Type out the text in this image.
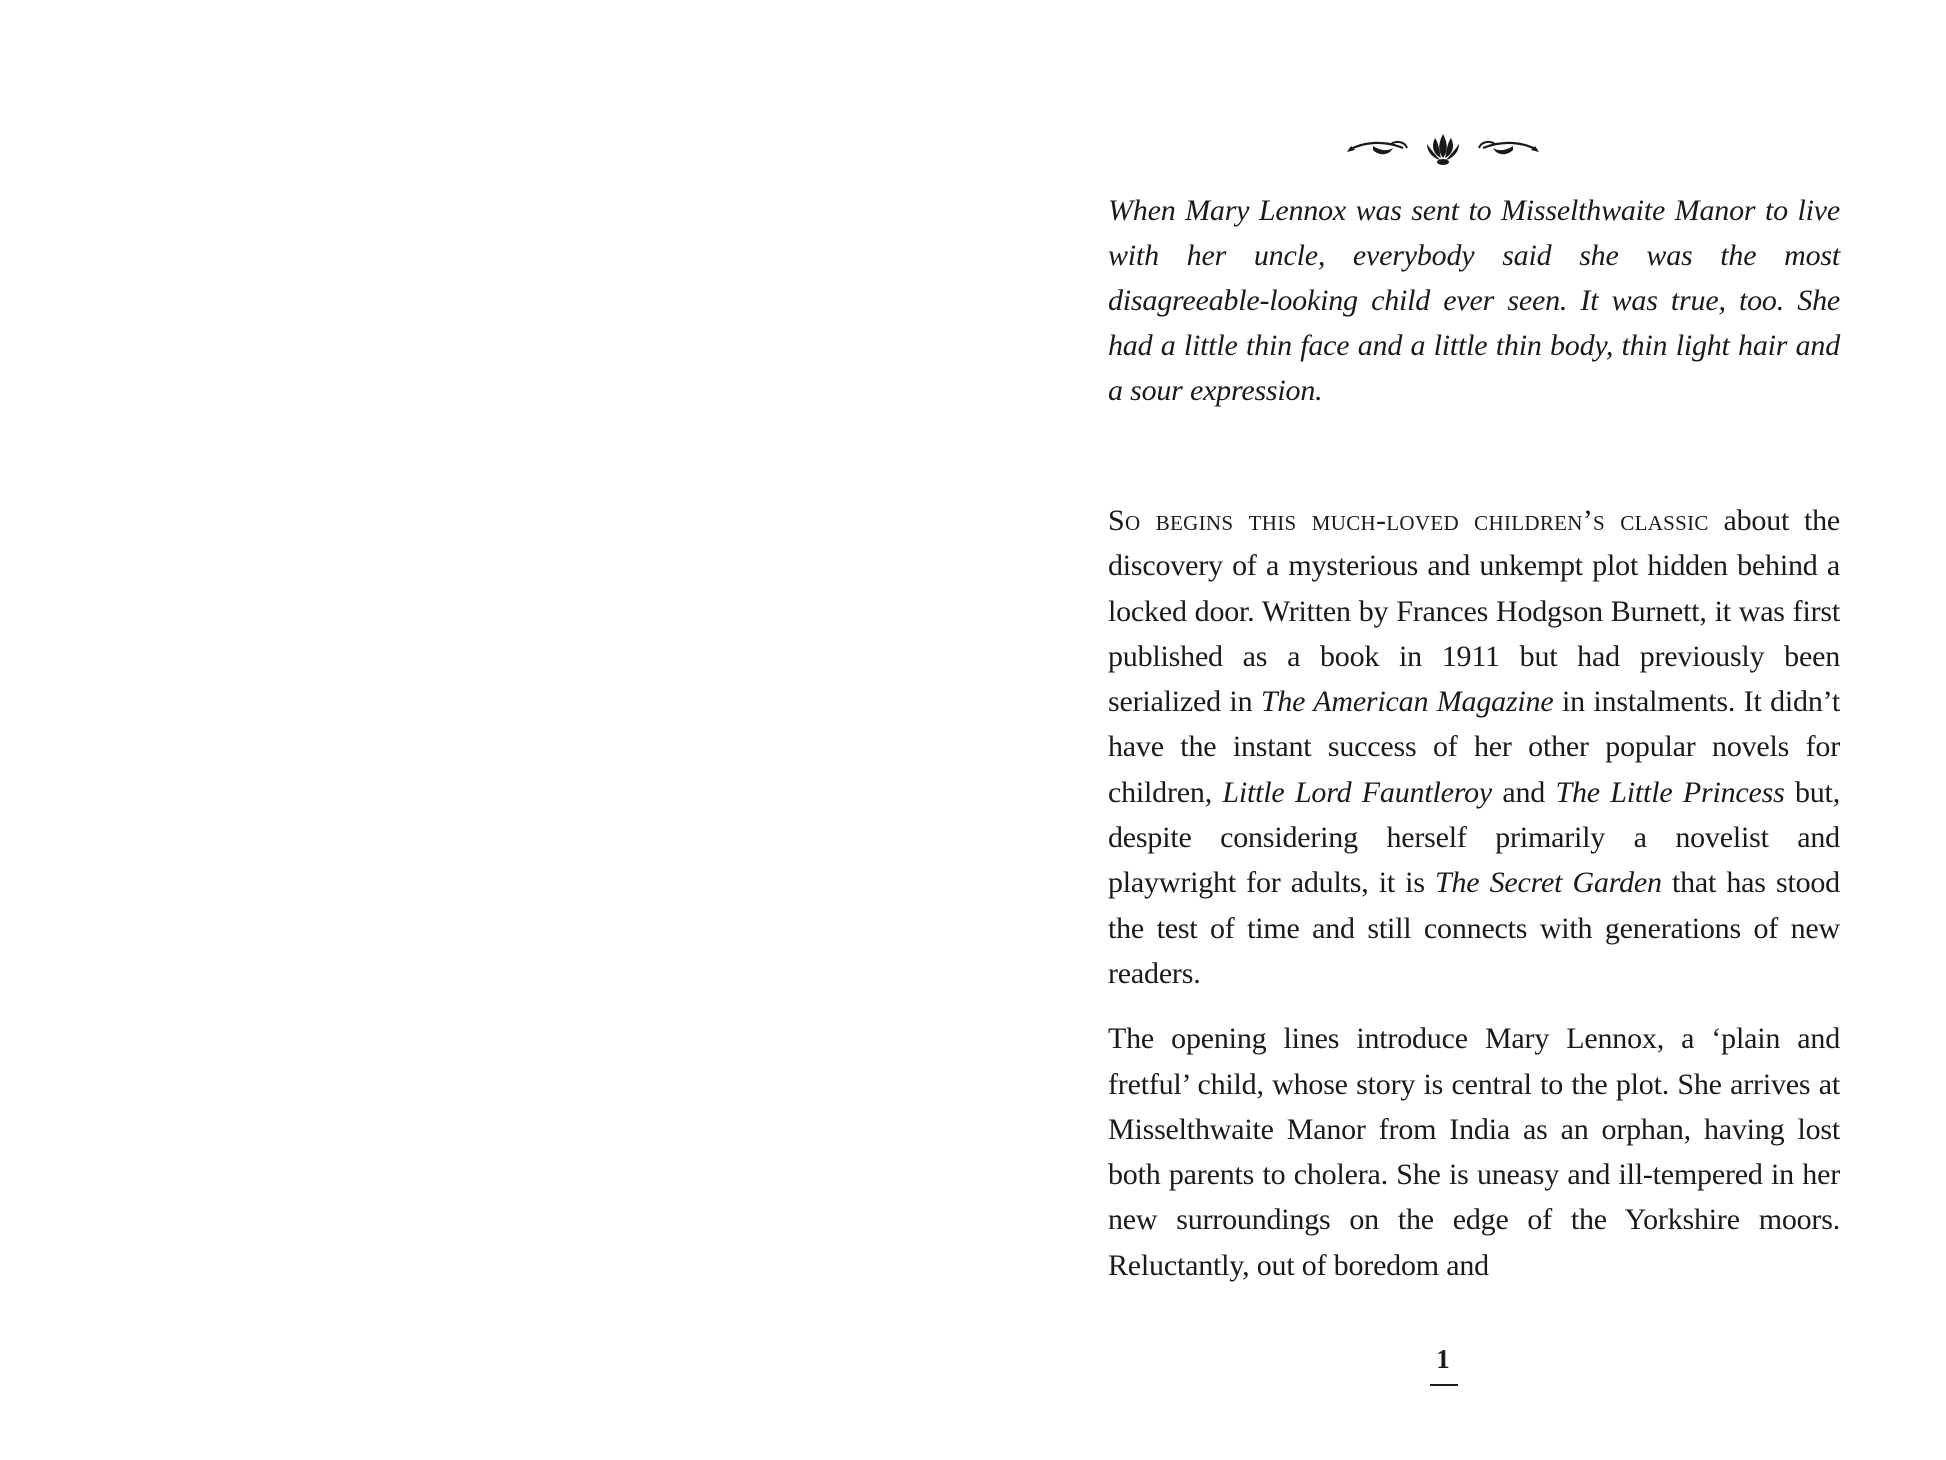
When Mary Lennox was sent to Misselthwaite Manor to live with her uncle, everybody said she was the most disagreeable-looking child ever seen. It was true, too. She had a little thin face and a little thin body, thin light hair and a sour expression.

So begins this much-loved children’s classic about the discovery of a mysterious and unkempt plot hidden behind a locked door. Written by Frances Hodgson Burnett, it was first published as a book in 1911 but had previously been serialized in The American Magazine in instalments. It didn’t have the instant success of her other popular novels for children, Little Lord Fauntleroy and The Little Princess but, despite considering herself primarily a novelist and playwright for adults, it is The Secret Garden that has stood the test of time and still connects with generations of new readers.

The opening lines introduce Mary Lennox, a ‘plain and fretful’ child, whose story is central to the plot. She arrives at Misselthwaite Manor from India as an orphan, having lost both parents to cholera. She is uneasy and ill-tempered in her new surroundings on the edge of the Yorkshire moors. Reluctantly, out of boredom and

1
